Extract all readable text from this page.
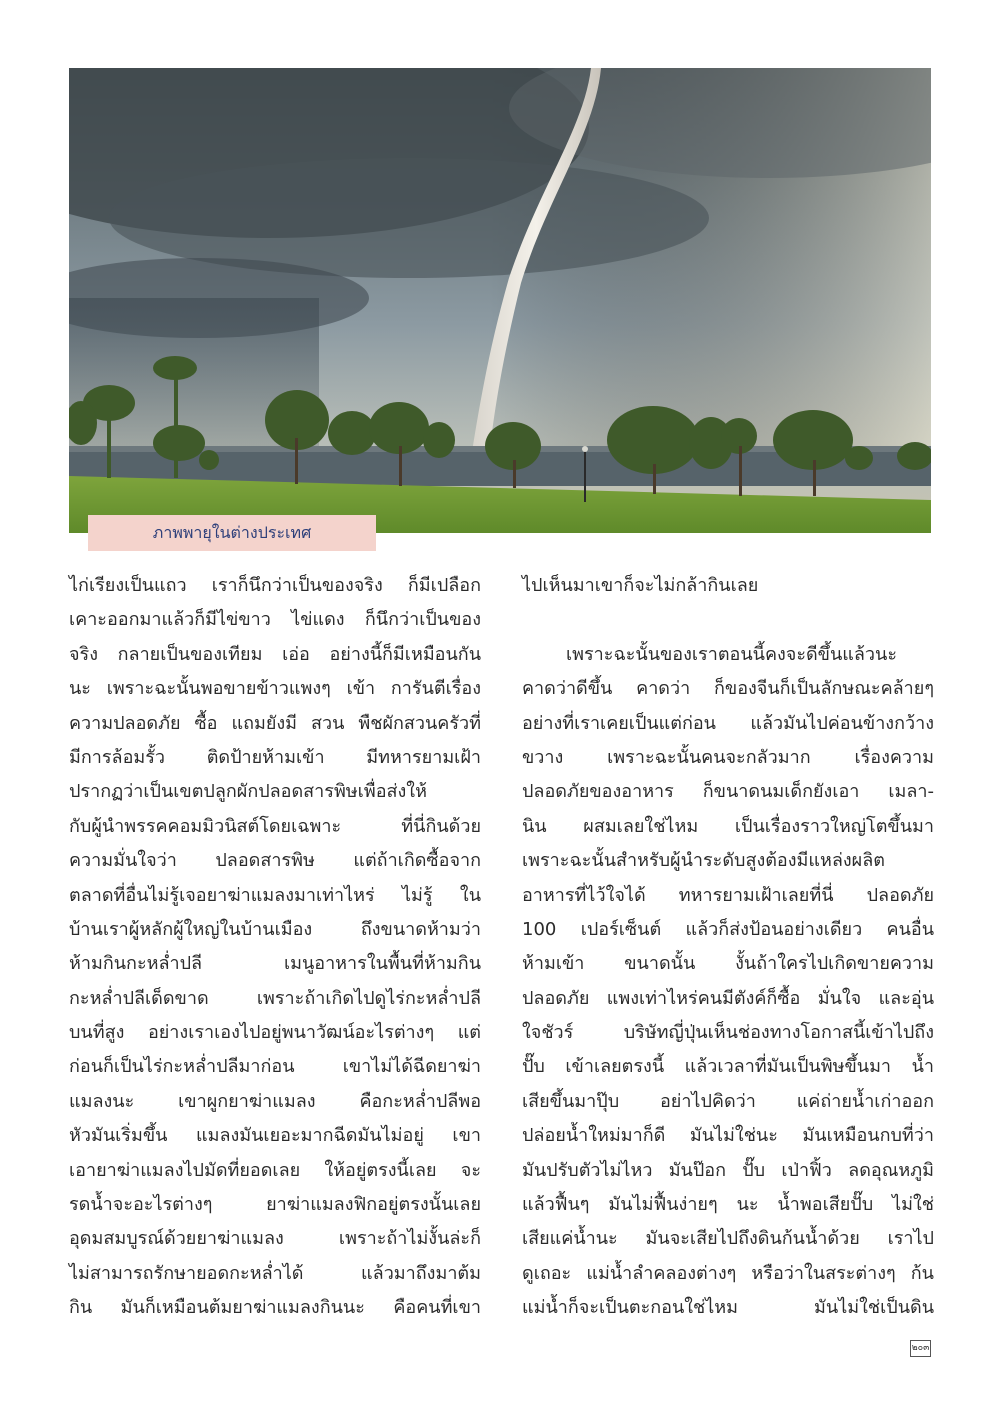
ภาพพายุในต่างประเทศ
ไก่เรียงเป็นแถว เราก็นึกว่าเป็นของจริง ก็มีเปลือก
เคาะออกมาแล้วก็มีไข่ขาว ไข่แดง ก็นึกว่าเป็นของ
จริง กลายเป็นของเทียม เอ่อ อย่างนี้ก็มีเหมือนกัน
นะ เพราะฉะนั้นพอขายข้าวแพงๆ เข้า การันตีเรื่อง
ความปลอดภัย ซื้อ แถมยังมี สวน พืชผักสวนครัวที่
มีการล้อมรั้ว ติดป้ายห้ามเข้า มีทหารยามเฝ้า
ปรากฏว่าเป็นเขตปลูกผักปลอดสารพิษเพื่อส่งให้
กับผู้นำพรรคคอมมิวนิสต์โดยเฉพาะ ที่นี่กินด้วย
ความมั่นใจว่า ปลอดสารพิษ แต่ถ้าเกิดซื้อจาก
ตลาดที่อื่นไม่รู้เจอยาฆ่าแมลงมาเท่าไหร่ ไม่รู้ ใน
บ้านเราผู้หลักผู้ใหญ่ในบ้านเมือง ถึงขนาดห้ามว่า
ห้ามกินกะหล่ำปลี เมนูอาหารในพื้นที่ห้ามกิน
กะหล่ำปลีเด็ดขาด เพราะถ้าเกิดไปดูไร่กะหล่ำปลี
บนที่สูง อย่างเราเองไปอยู่พนาวัฒน์อะไรต่างๆ แต่
ก่อนก็เป็นไร่กะหล่ำปลีมาก่อน เขาไม่ได้ฉีดยาฆ่า
แมลงนะ เขาผูกยาฆ่าแมลง คือกะหล่ำปลีพอ
หัวมันเริ่มขึ้น แมลงมันเยอะมากฉีดมันไม่อยู่ เขา
เอายาฆ่าแมลงไปมัดที่ยอดเลย ให้อยู่ตรงนี้เลย จะ
รดน้ำจะอะไรต่างๆ ยาฆ่าแมลงฟิกอยู่ตรงนั้นเลย
อุดมสมบูรณ์ด้วยยาฆ่าแมลง เพราะถ้าไม่งั้นล่ะก็
ไม่สามารถรักษายอดกะหล่ำได้ แล้วมาถึงมาต้ม
กิน มันก็เหมือนต้มยาฆ่าแมลงกินนะ คือคนที่เขา
ไปเห็นมาเขาก็จะไม่กล้ากินเลย
เพราะฉะนั้นของเราตอนนี้คงจะดีขึ้นแล้วนะ
คาดว่าดีขึ้น คาดว่า ก็ของจีนก็เป็นลักษณะคล้ายๆ
อย่างที่เราเคยเป็นแต่ก่อน แล้วมันไปค่อนข้างกว้าง
ขวาง เพราะฉะนั้นคนจะกลัวมาก เรื่องความ
ปลอดภัยของอาหาร ก็ขนาดนมเด็กยังเอา เมลา-
นิน ผสมเลยใช่ไหม เป็นเรื่องราวใหญ่โตขึ้นมา
เพราะฉะนั้นสำหรับผู้นำระดับสูงต้องมีแหล่งผลิต
อาหารที่ไว้ใจได้ ทหารยามเฝ้าเลยที่นี่ ปลอดภัย
100 เปอร์เซ็นต์ แล้วก็ส่งป้อนอย่างเดียว คนอื่น
ห้ามเข้า ขนาดนั้น งั้นถ้าใครไปเกิดขายความ
ปลอดภัย แพงเท่าไหร่คนมีตังค์ก็ซื้อ มั่นใจ และอุ่น
ใจชัวร์ บริษัทญี่ปุ่นเห็นช่องทางโอกาสนี้เข้าไปถึง
ปั๊บ เข้าเลยตรงนี้ แล้วเวลาที่มันเป็นพิษขึ้นมา น้ำ
เสียขึ้นมาปุ๊บ อย่าไปคิดว่า แค่ถ่ายน้ำเก่าออก
ปล่อยน้ำใหม่มาก็ดี มันไม่ใช่นะ มันเหมือนกบที่ว่า
มันปรับตัวไม่ไหว มันป๊อก ปั๊บ เป่าฟิ้ว ลดอุณหภูมิ
แล้วฟื้นๆ มันไม่ฟื้นง่ายๆ นะ น้ำพอเสียปั๊บ ไม่ใช่
เสียแค่น้ำนะ มันจะเสียไปถึงดินก้นน้ำด้วย เราไป
ดูเถอะ แม่น้ำลำคลองต่างๆ หรือว่าในสระต่างๆ ก้น
แม่น้ำก็จะเป็นตะกอนใช่ไหม มันไม่ใช่เป็นดิน
๒๐๓
